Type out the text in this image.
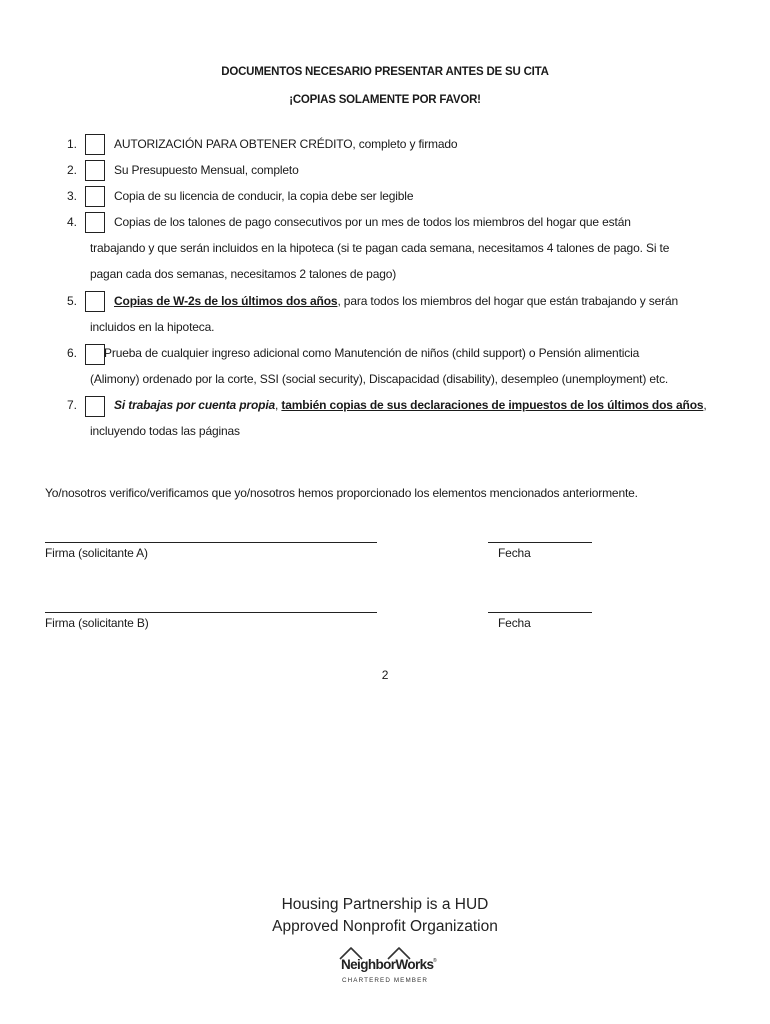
DOCUMENTOS NECESARIO PRESENTAR ANTES DE SU CITA
¡COPIAS SOLAMENTE POR FAVOR!
1.	AUTORIZACIÓN PARA OBTENER CRÉDITO, completo y firmado
2.	Su Presupuesto Mensual, completo
3.	Copia de su licencia de conducir, la copia debe ser legible
4.	Copias de los talones de pago consecutivos por un mes de todos los miembros del hogar que están
trabajando y que serán incluidos en la hipoteca (si te pagan cada semana, necesitamos 4 talones de pago. Si te
pagan cada dos semanas, necesitamos 2 talones de pago)
5.	Copias de W-2s de los últimos dos años, para todos los miembros del hogar que están trabajando y serán
incluidos en la hipoteca.
6. Prueba de cualquier ingreso adicional como Manutención de niños (child support) o Pensión alimenticia
(Alimony) ordenado por la corte, SSI (social security), Discapacidad (disability), desempleo (unemployment) etc.
7.	Si trabajas por cuenta propia, también copias de sus declaraciones de impuestos de los últimos dos años,
incluyendo todas las páginas
Yo/nosotros verifico/verificamos que yo/nosotros hemos proporcionado los elementos mencionados anteriormente.
Firma (solicitante A)	Fecha
Firma (solicitante B)	Fecha
2
Housing Partnership is a HUD
Approved Nonprofit Organization
NeighborWorks ®
CHARTERED MEMBER
